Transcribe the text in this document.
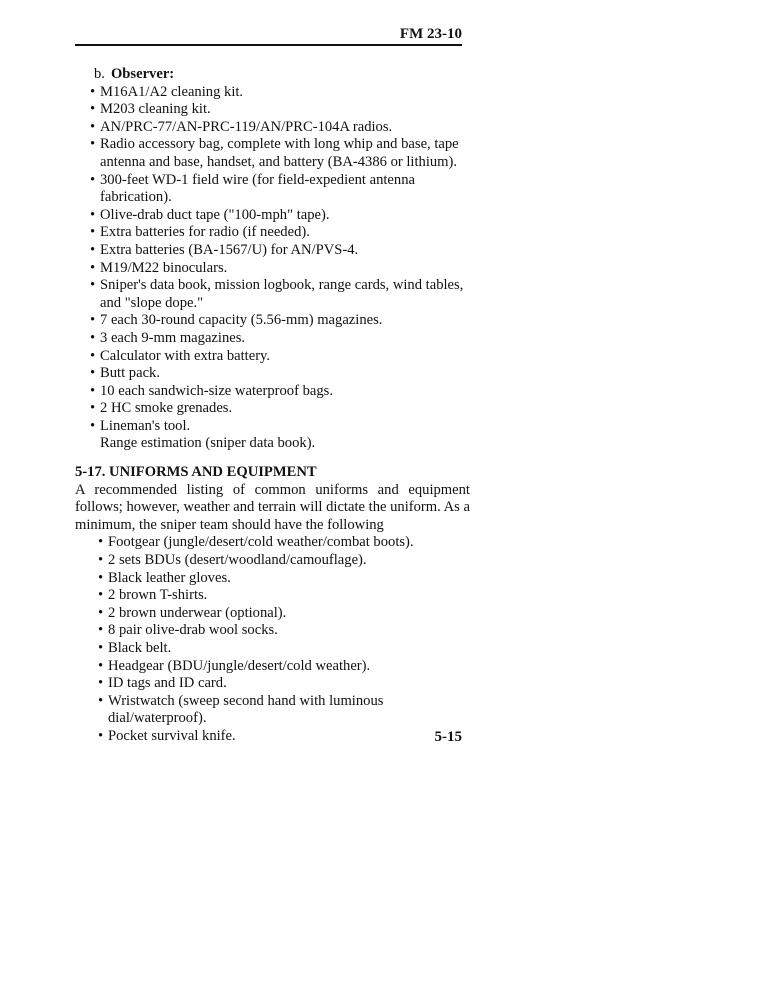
FM 23-10
b. Observer:
• M16A1/A2 cleaning kit.
• M203 cleaning kit.
• AN/PRC-77/AN-PRC-119/AN/PRC-104A radios.
• Radio accessory bag, complete with long whip and base, tape antenna and base, handset, and battery (BA-4386 or lithium).
• 300-feet WD-1 field wire (for field-expedient antenna fabrication).
• Olive-drab duct tape ("100-mph" tape).
• Extra batteries for radio (if needed).
• Extra batteries (BA-1567/U) for AN/PVS-4.
• M19/M22 binoculars.
• Sniper's data book, mission logbook, range cards, wind tables, and "slope dope."
• 7 each 30-round capacity (5.56-mm) magazines.
• 3 each 9-mm magazines.
• Calculator with extra battery.
• Butt pack.
• 10 each sandwich-size waterproof bags.
• 2 HC smoke grenades.
• Lineman's tool.
Range estimation (sniper data book).
5-17. UNIFORMS AND EQUIPMENT
A recommended listing of common uniforms and equipment follows; however, weather and terrain will dictate the uniform. As a minimum, the sniper team should have the following
• Footgear (jungle/desert/cold weather/combat boots).
• 2 sets BDUs (desert/woodland/camouflage).
• Black leather gloves.
• 2 brown T-shirts.
• 2 brown underwear (optional).
• 8 pair olive-drab wool socks.
• Black belt.
• Headgear (BDU/jungle/desert/cold weather).
• ID tags and ID card.
• Wristwatch (sweep second hand with luminous dial/waterproof).
• Pocket survival knife.	5-15
